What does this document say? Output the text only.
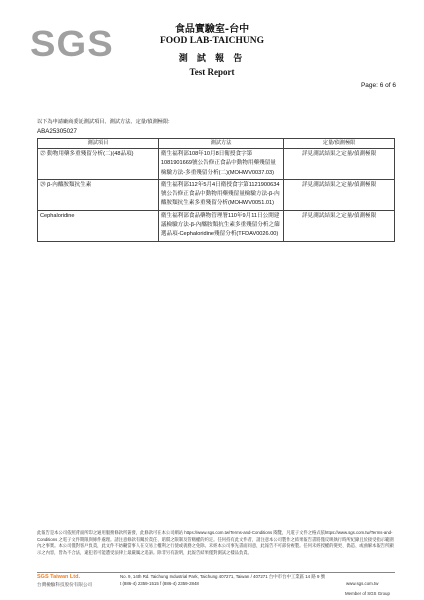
SGS	食品實驗室-台中
FOOD LAB-TAICHUNG
測 試 報 告
Test Report
Page: 6 of 6
以下為申請廠商委託測試項目、測試方法、定量/偵測極限:
ABA25305027
測試項目	測試方法	定量/偵測極限
㉗ 動物用藥多重殘留分析(二)(48品項)	衛生福利部108年10月8日衛授食字第1081901669號公告修正食品中動物用藥殘留量檢驗方法-多重殘留分析(二)(MOHWV0037.03)	詳見測試結果之定量/偵測極限
㉘ β-內醯胺類抗生素	衛生福利部112年5月4日衛授食字第1121900634號公告修正食品中動物用藥殘留量檢驗方法-β-內醯胺類抗生素多重殘留分析(MOHWV0051.01)	詳見測試結果之定量/偵測極限
Cephaloridine	衛生福利部食品藥物管理署110年9月11日公開建議檢驗方法-β-內醯胺類抗生素多重殘留分析之篩選品項-Cephaloridine殘留分析(TFDAV0026.00)	詳見測試結果之定量/偵測極限
此報告是本公司依照背面所印之通用服務條款所簽發，此條款可在本公司網站 https://www.sgs.com.tw/Terms-and-Conditions 閱覽，凡電子文件之格式依https://www.sgs.com.tw/Terms-and-Conditions 之電子文件期限與條件處理。請注意條款有關於責任、賠償之限制及管轄權的約定。任何持有此文件者，請注意本公司製作之結果報告書將僅反映執行時所紀錄且於接受指示範圍內之事實。本公司僅對客戶負責，此文件不妨礙當事人在交易上權利之行使或義務之免除。未經本公司事先書面同意，此報告不可部份複製。任何未經授權的變更、偽造、或曲解本報告所顯示之內容，皆為不合法，違犯者可能遭受法律上最嚴厲之追訴。除非另有說明，此報告結果僅對測試之樣品負責。
SGS Taiwan Ltd.
台灣檢驗科技股份有限公司
No. 9, 14th Rd. Taichung Industrial Park, Taichung 407271, Taiwan / 407271 台中市台中工業區 14 路 9 號
t (886-4) 2359-1515 f (886-4) 2359-2848	www.sgs.com.tw
Member of SGS Group
